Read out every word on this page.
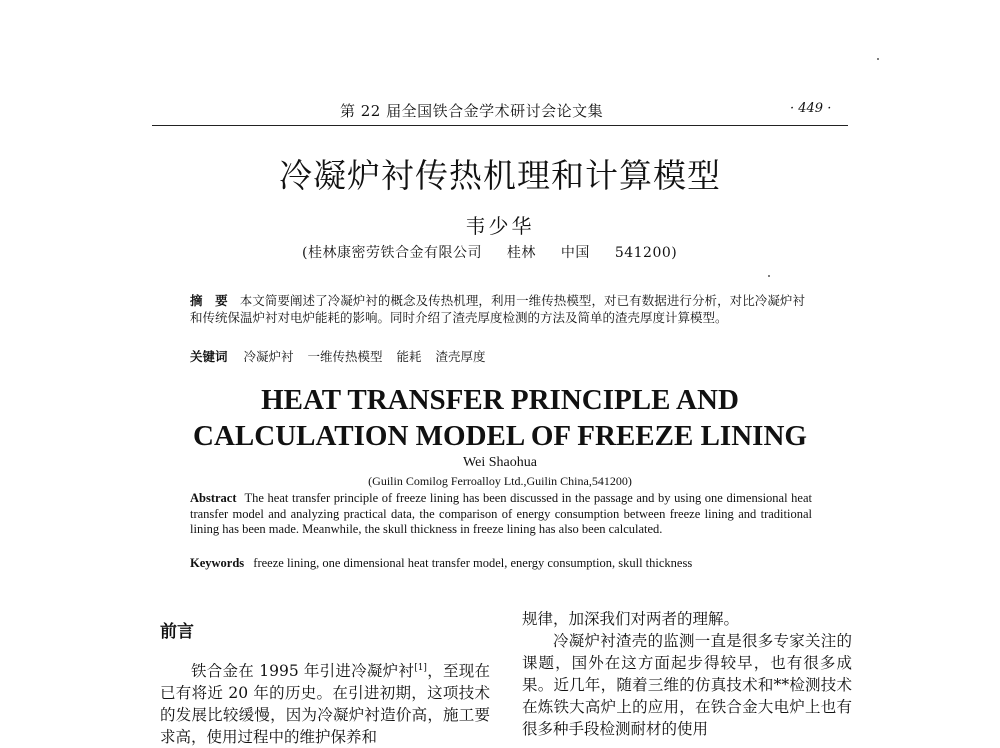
第 22 届全国铁合金学术研讨会论文集	· 449 ·
冷凝炉衬传热机理和计算模型
韦少华
(桂林康密劳铁合金有限公司 桂林 中国 541200)
摘　要 本文简要阐述了冷凝炉衬的概念及传热机理，利用一维传热模型，对已有数据进行分析，对比冷凝炉衬和传统保温炉衬对电炉能耗的影响。同时介绍了渣壳厚度检测的方法及简单的渣壳厚度计算模型。
关键词 冷凝炉衬 一维传热模型 能耗 渣壳厚度
HEAT TRANSFER PRINCIPLE AND
CALCULATION MODEL OF FREEZE LINING
Wei Shaohua
(Guilin Comilog Ferroalloy Ltd.,Guilin China,541200)
Abstract The heat transfer principle of freeze lining has been discussed in the passage and by using one dimensional heat transfer model and analyzing practical data, the comparison of energy consumption between freeze lining and traditional lining has been made. Meanwhile, the skull thickness in freeze lining has also been calculated.
Keywords freeze lining, one dimensional heat transfer model, energy consumption, skull thickness
前言

铁合金在 1995 年引进冷凝炉衬[1]，至现在已有将近 20 年的历史。在引进初期，这项技术的发展比较缓慢，因为冷凝炉衬造价高，施工要求高，使用过程中的维护保养和

规律，加深我们对两者的理解。

冷凝炉衬渣壳的监测一直是很多专家关注的课题，国外在这方面起步得较早，也有很多成果。近几年，随着三维的仿真技术和**检测技术在炼铁大高炉上的应用，在铁合金大电炉上也有很多种手段检测耐材的使用
